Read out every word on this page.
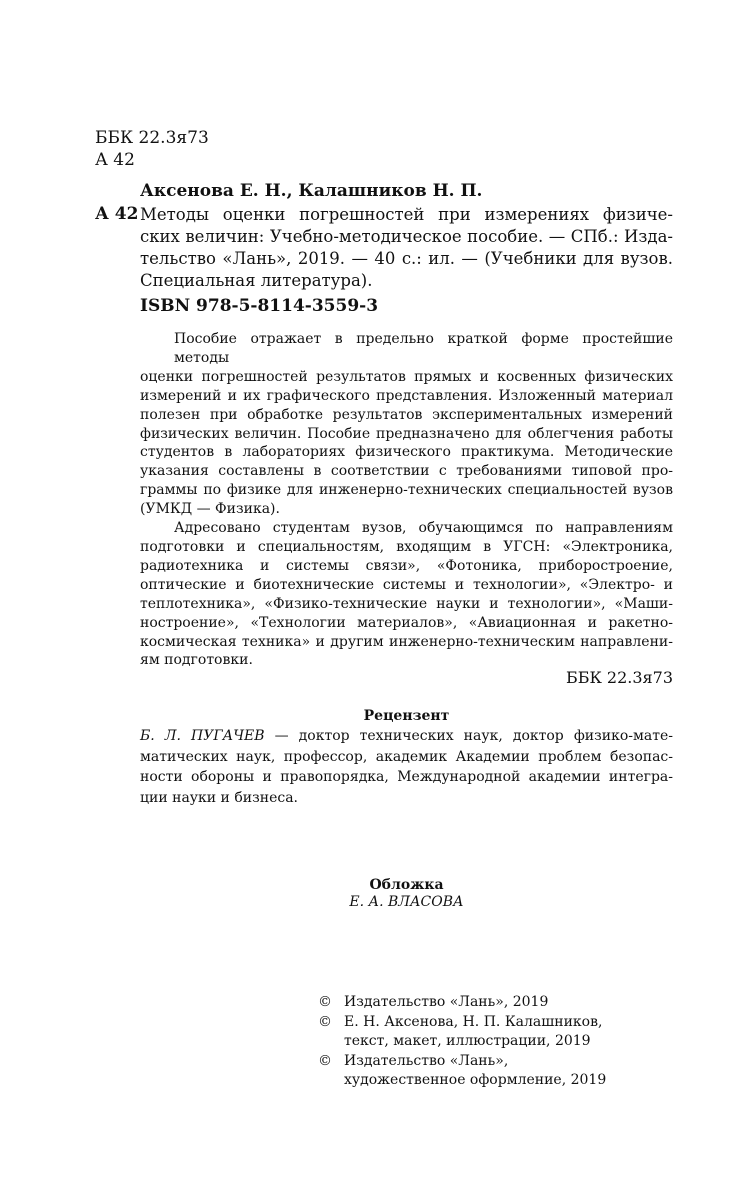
ББК 22.3я73
А 42
Аксенова Е. Н., Калашников Н. П.
А 42 Методы оценки погрешностей при измерениях физиче-
ских величин: Учебно-методическое пособие. — СПб.: Изда-
тельство «Лань», 2019. — 40 с.: ил. — (Учебники для вузов.
Специальная литература).
ISBN 978-5-8114-3559-3
Пособие отражает в предельно краткой форме простейшие методы
оценки погрешностей результатов прямых и косвенных физических
измерений и их графического представления. Изложенный материал
полезен при обработке результатов экспериментальных измерений
физических величин. Пособие предназначено для облегчения работы
студентов в лабораториях физического практикума. Методические
указания составлены в соответствии с требованиями типовой про-
граммы по физике для инженерно-технических специальностей вузов
(УМКД — Физика).
Адресовано студентам вузов, обучающимся по направлениям
подготовки и специальностям, входящим в УГСН: «Электроника,
радиотехника и системы связи», «Фотоника, приборостроение,
оптические и биотехнические системы и технологии», «Электро- и
теплотехника», «Физико-технические науки и технологии», «Маши-
ностроение», «Технологии материалов», «Авиационная и ракетно-
космическая техника» и другим инженерно-техническим направлени-
ям подготовки.
ББК 22.3я73
Рецензент
Б. Л. ПУГАЧЕВ — доктор технических наук, доктор физико-мате-
матических наук, профессор, академик Академии проблем безопас-
ности обороны и правопорядка, Международной академии интегра-
ции науки и бизнеса.
Обложка
Е. А. ВЛАСОВА
© Издательство «Лань», 2019
© Е. Н. Аксенова, Н. П. Калашников,
текст, макет, иллюстрации, 2019
© Издательство «Лань»,
художественное оформление, 2019
